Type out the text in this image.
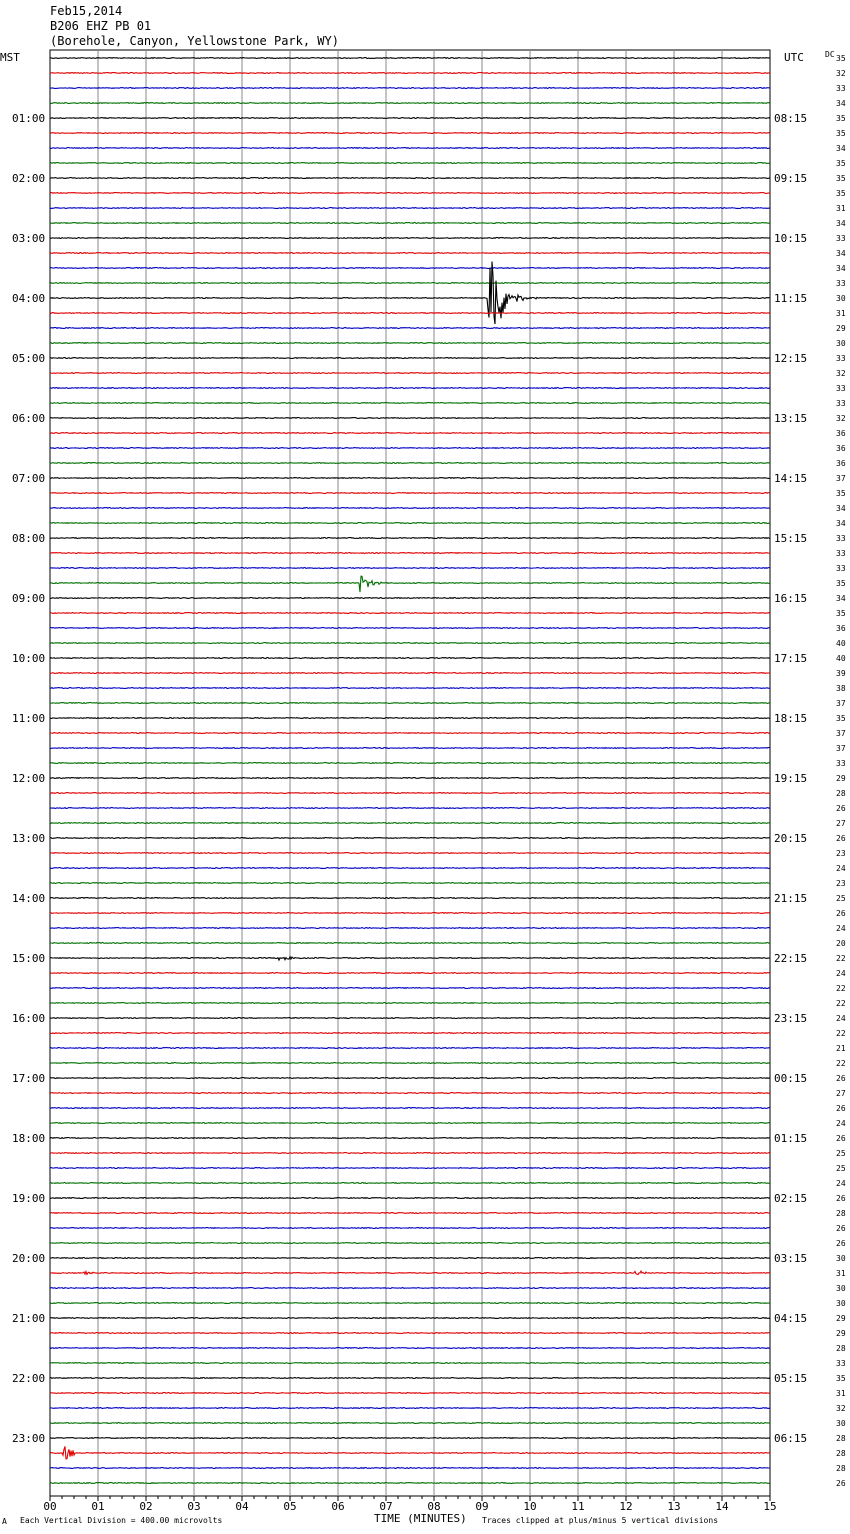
Feb15,2014
B206 EHZ PB 01
(Borehole, Canyon, Yellowstone Park, WY)
MST	UTC	DC
TIME (MINUTES)
Each Vertical Division = 400.00 microvolts	Traces clipped at plus/minus 5 vertical divisions
A
35
32
33
34
35
01:00	08:15
35
34
35
35
02:00	09:15
35
31
34
33
03:00	10:15
34
34
33
30
04:00	11:15
31
29
30
33
05:00	12:15
32
33
33
32
06:00	13:15
36
36
36
37
07:00	14:15
35
34
34
33
08:00	15:15
33
33
35
34
09:00	16:15
35
36
40
40
10:00	17:15
39
38
37
35
11:00	18:15
37
37
33
29
12:00	19:15
28
26
27
26
13:00	20:15
23
24
23
25
14:00	21:15
26
24
20
22
15:00	22:15
24
22
22
24
16:00	23:15
22
21
22
26
17:00	00:15
27
26
24
26
18:00	01:15
25
25
24
26
19:00	02:15
28
26
26
30
20:00	03:15
31
30
30
29
21:00	04:15
29
28
33
35
22:00	05:15
31
32
30
28
23:00	06:15
28
28
26
00	01	02	03	04	05	06	07	08	09	10	11	12	13	14	15
